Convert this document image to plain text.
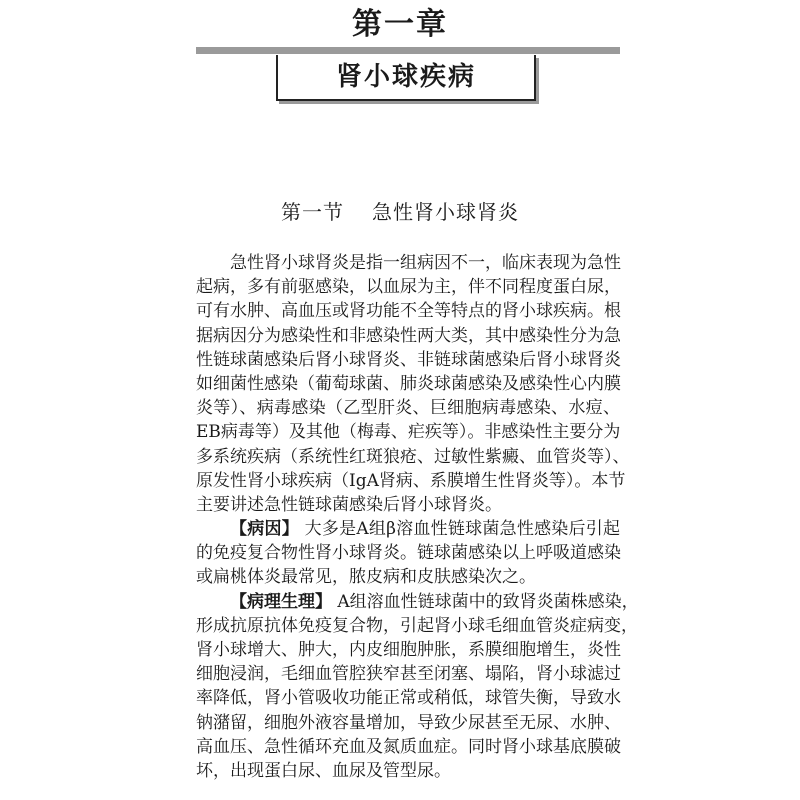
第一章
肾小球疾病
第一节 急性肾小球肾炎
急性肾小球肾炎是指一组病因不一，临床表现为急性
起病，多有前驱感染，以血尿为主，伴不同程度蛋白尿，
可有水肿、高血压或肾功能不全等特点的肾小球疾病。根
据病因分为感染性和非感染性两大类，其中感染性分为急
性链球菌感染后肾小球肾炎、非链球菌感染后肾小球肾炎
如细菌性感染（葡萄球菌、肺炎球菌感染及感染性心内膜
炎等）、病毒感染（乙型肝炎、巨细胞病毒感染、水痘、
EB病毒等）及其他（梅毒、疟疾等）。非感染性主要分为
多系统疾病（系统性红斑狼疮、过敏性紫癜、血管炎等）、
原发性肾小球疾病（IgA肾病、系膜增生性肾炎等）。本节
主要讲述急性链球菌感染后肾小球肾炎。
【病因】 大多是A组β溶血性链球菌急性感染后引起
的免疫复合物性肾小球肾炎。链球菌感染以上呼吸道感染
或扁桃体炎最常见，脓皮病和皮肤感染次之。
【病理生理】 A组溶血性链球菌中的致肾炎菌株感染，
形成抗原抗体免疫复合物，引起肾小球毛细血管炎症病变，
肾小球增大、肿大，内皮细胞肿胀，系膜细胞增生，炎性
细胞浸润，毛细血管腔狭窄甚至闭塞、塌陷，肾小球滤过
率降低，肾小管吸收功能正常或稍低，球管失衡，导致水
钠潴留，细胞外液容量增加，导致少尿甚至无尿、水肿、
高血压、急性循环充血及氮质血症。同时肾小球基底膜破
坏，出现蛋白尿、血尿及管型尿。
